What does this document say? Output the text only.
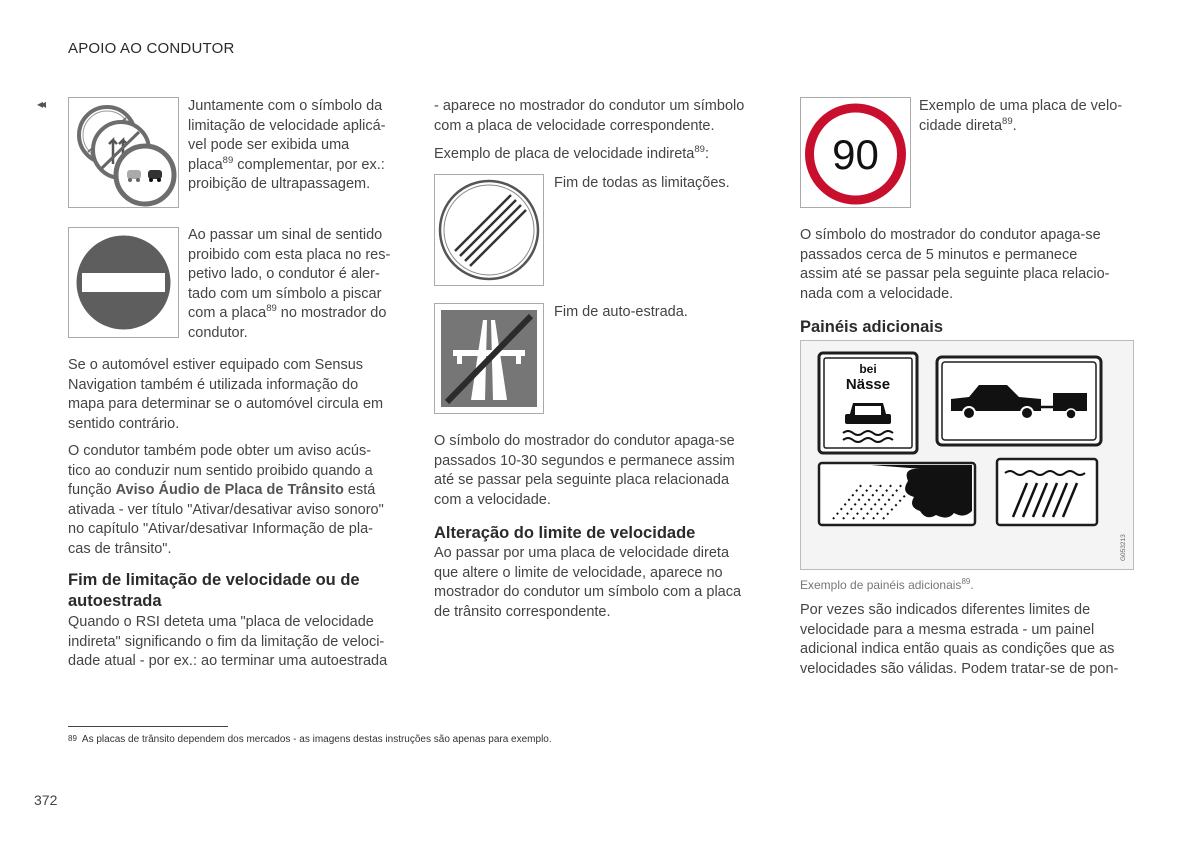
APOIO AO CONDUTOR
◂◂	Juntamente com o símbolo da
limitação de velocidade aplicá-
vel pode ser exibida uma
placa$^{89}$ complementar, por ex.:
proibição de ultrapassagem.
Ao passar um sinal de sentido
proibido com esta placa no res-
petivo lado, o condutor é aler-
tado com um símbolo a piscar
com a placa$^{89}$ no mostrador do
condutor.
Se o automóvel estiver equipado com Sensus
Navigation também é utilizada informação do
mapa para determinar se o automóvel circula em
sentido contrário.
O condutor também pode obter um aviso acús-
tico ao conduzir num sentido proibido quando a
função Aviso Áudio de Placa de Trânsito está
ativada - ver título "Ativar/desativar aviso sonoro"
no capítulo "Ativar/desativar Informação de pla-
cas de trânsito".
Fim de limitação de velocidade ou de
autoestrada
Quando o RSI deteta uma "placa de velocidade
indireta" significando o fim da limitação de veloci-
dade atual - por ex.: ao terminar uma autoestrada
- aparece no mostrador do condutor um símbolo
com a placa de velocidade correspondente.
Exemplo de placa de velocidade indireta$^{89}$:
Fim de todas as limitações.
Fim de auto-estrada.
O símbolo do mostrador do condutor apaga-se
passados 10-30 segundos e permanece assim
até se passar pela seguinte placa relacionada
com a velocidade.
Alteração do limite de velocidade
Ao passar por uma placa de velocidade direta
que altere o limite de velocidade, aparece no
mostrador do condutor um símbolo com a placa
de trânsito correspondente.
90
Exemplo de uma placa de velo-
cidade direta$^{89}$.
O símbolo do mostrador do condutor apaga-se
passados cerca de 5 minutos e permanece
assim até se passar pela seguinte placa relacio-
nada com a velocidade.
Painéis adicionais
bei
Nässe
G053213
Exemplo de painéis adicionais$^{89}$.
Por vezes são indicados diferentes limites de
velocidade para a mesma estrada - um painel
adicional indica então quais as condições que as
velocidades são válidas. Podem tratar-se de pon-
$^{89}$ As placas de trânsito dependem dos mercados - as imagens destas instruções são apenas para exemplo.
372
